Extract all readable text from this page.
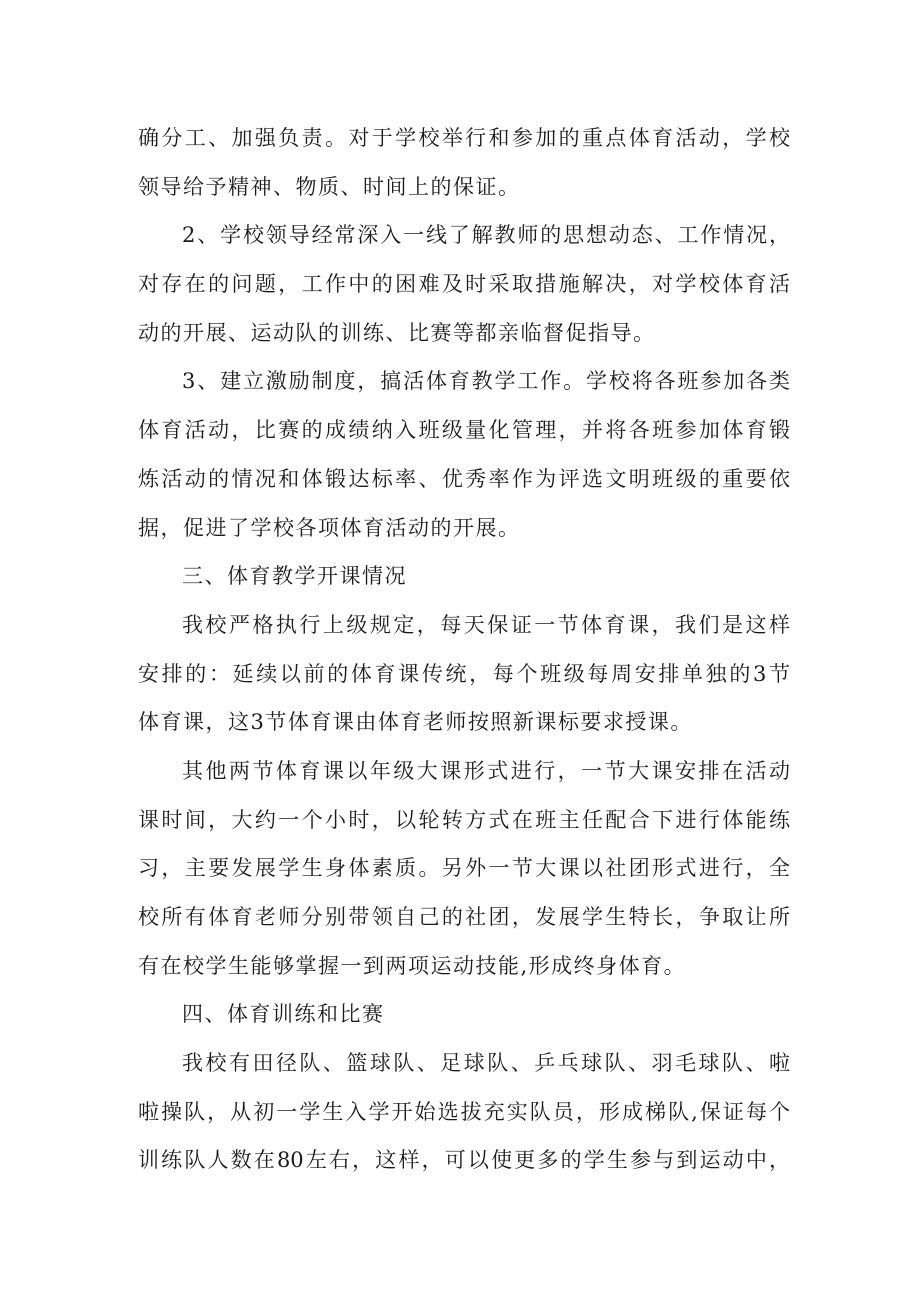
确分工、加强负责。对于学校举行和参加的重点体育活动，学校
领导给予精神、物质、时间上的保证。
2、学校领导经常深入一线了解教师的思想动态、工作情况，
对存在的问题，工作中的困难及时采取措施解决，对学校体育活
动的开展、运动队的训练、比赛等都亲临督促指导。
3、建立激励制度，搞活体育教学工作。学校将各班参加各类
体育活动，比赛的成绩纳入班级量化管理，并将各班参加体育锻
炼活动的情况和体锻达标率、优秀率作为评选文明班级的重要依
据，促进了学校各项体育活动的开展。
三、体育教学开课情况
我校严格执行上级规定，每天保证一节体育课，我们是这样
安排的：延续以前的体育课传统，每个班级每周安排单独的3节
体育课，这3节体育课由体育老师按照新课标要求授课。
其他两节体育课以年级大课形式进行，一节大课安排在活动
课时间，大约一个小时，以轮转方式在班主任配合下进行体能练
习，主要发展学生身体素质。另外一节大课以社团形式进行，全
校所有体育老师分别带领自己的社团，发展学生特长，争取让所
有在校学生能够掌握一到两项运动技能,形成终身体育。
四、体育训练和比赛
我校有田径队、篮球队、足球队、乒乓球队、羽毛球队、啦
啦操队，从初一学生入学开始选拔充实队员，形成梯队,保证每个
训练队人数在80左右，这样，可以使更多的学生参与到运动中，
